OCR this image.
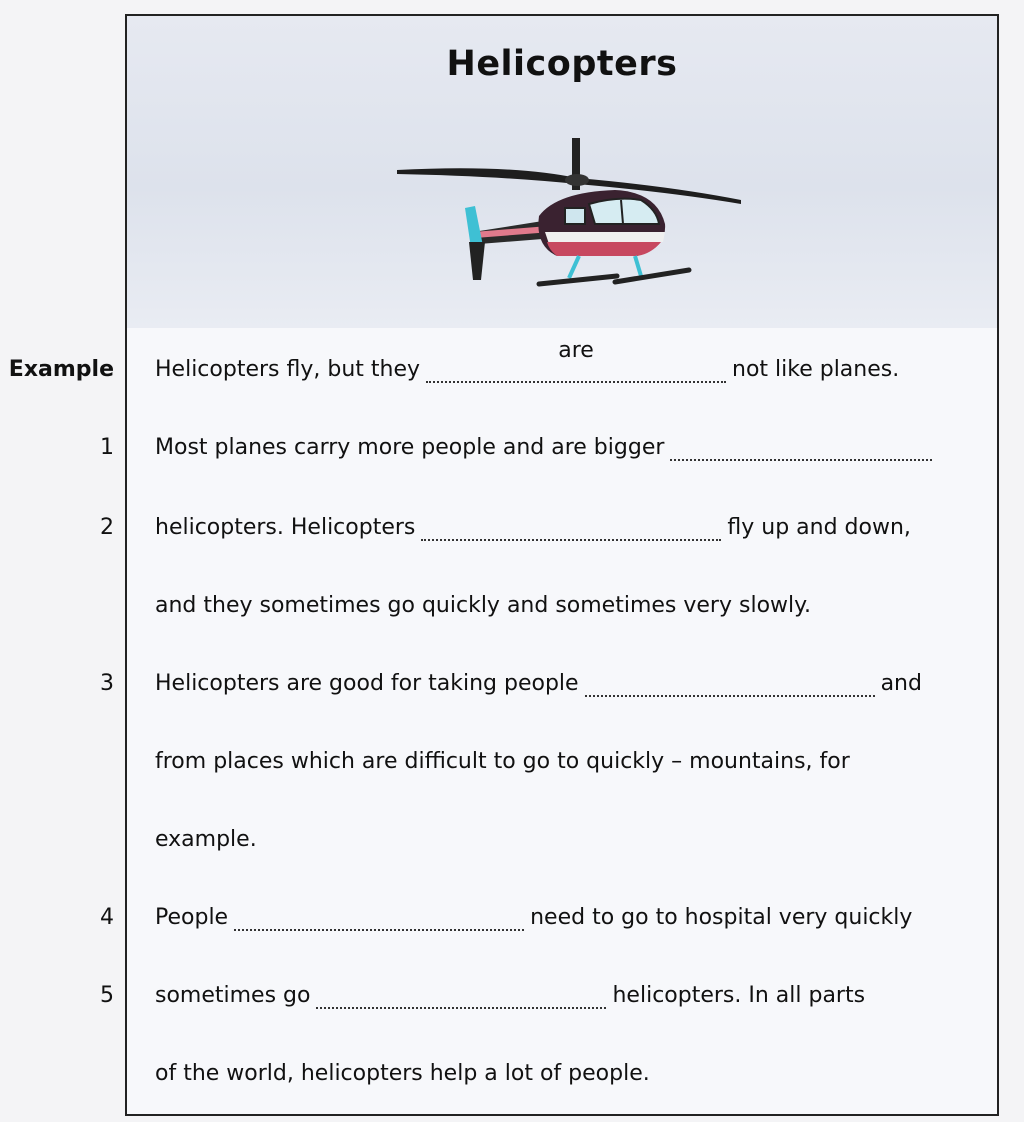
Helicopters
Example Helicopters fly, but they
are
not like planes.
1 Most planes carry more people and are bigger
2 helicopters. Helicopters	fly up and down,
and they sometimes go quickly and sometimes very slowly.
3 Helicopters are good for taking people	and
from places which are difficult to go to quickly – mountains, for
example.
4 People	need to go to hospital very quickly
5 sometimes go	helicopters. In all parts
of the world, helicopters help a lot of people.
